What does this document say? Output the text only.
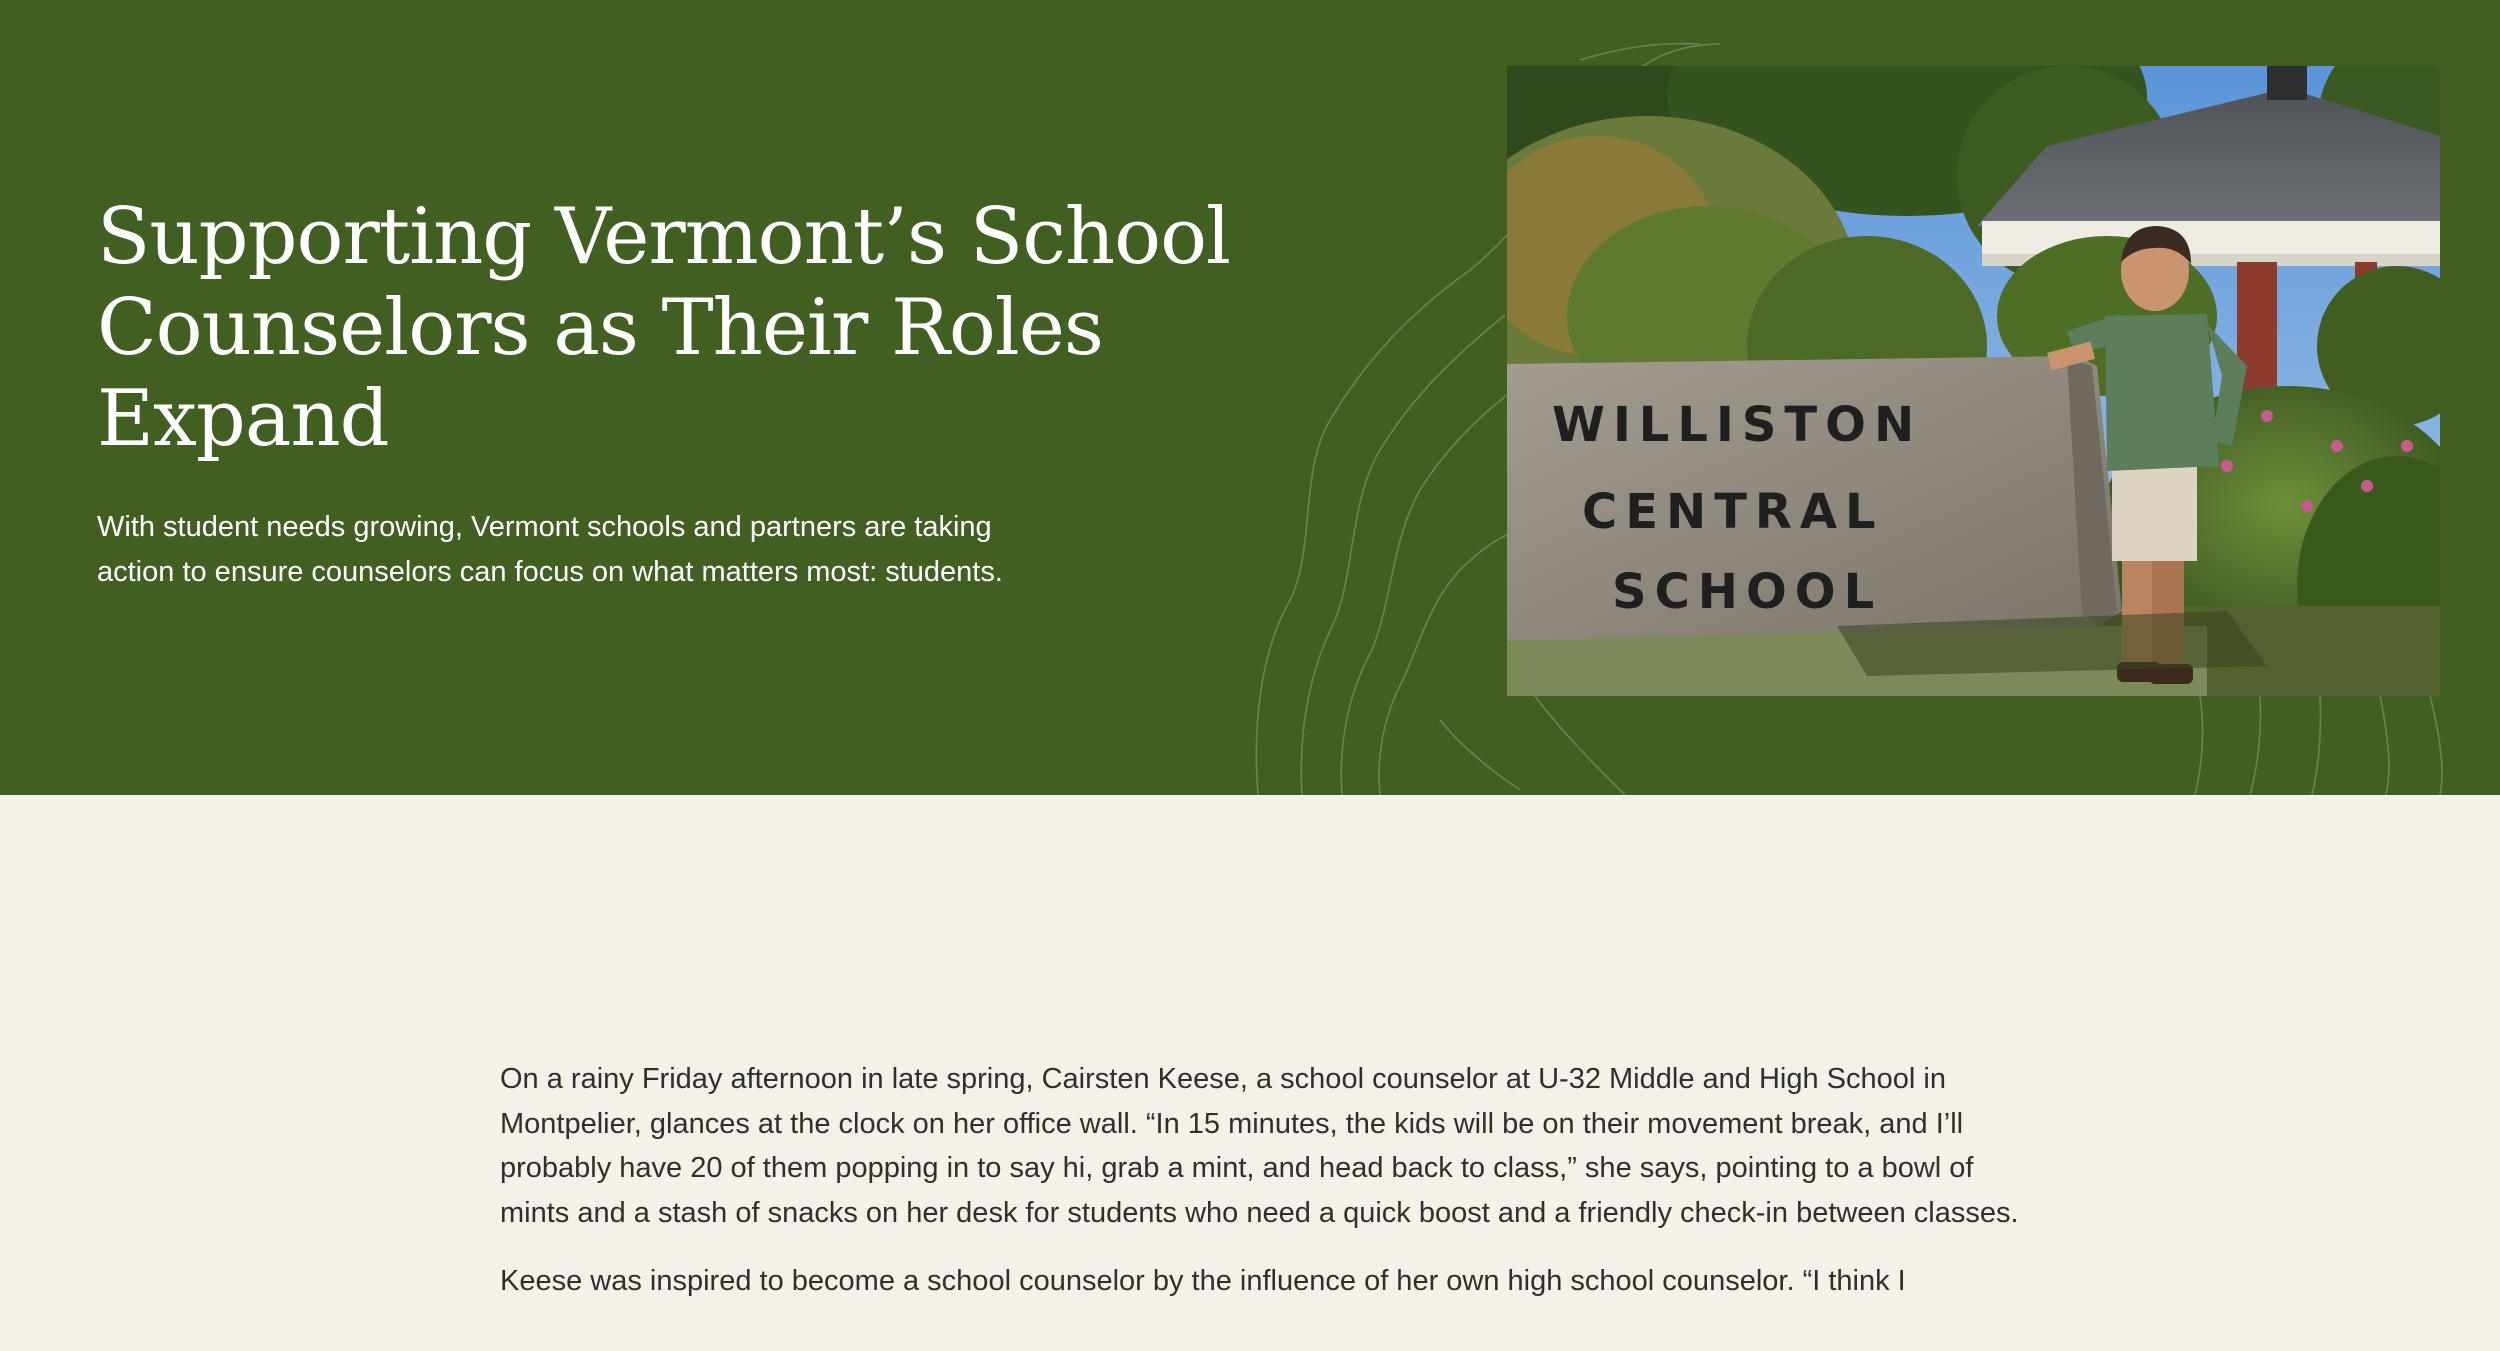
Supporting Vermont’s School Counselors as Their Roles Expand

With student needs growing, Vermont schools and partners are taking action to ensure counselors can focus on what matters most: students.

WILLISTON
CENTRAL
SCHOOL

On a rainy Friday afternoon in late spring, Cairsten Keese, a school counselor at U-32 Middle and High School in Montpelier, glances at the clock on her office wall. “In 15 minutes, the kids will be on their movement break, and I’ll probably have 20 of them popping in to say hi, grab a mint, and head back to class,” she says, pointing to a bowl of mints and a stash of snacks on her desk for students who need a quick boost and a friendly check-in between classes.

Keese was inspired to become a school counselor by the influence of her own high school counselor. “I think I
